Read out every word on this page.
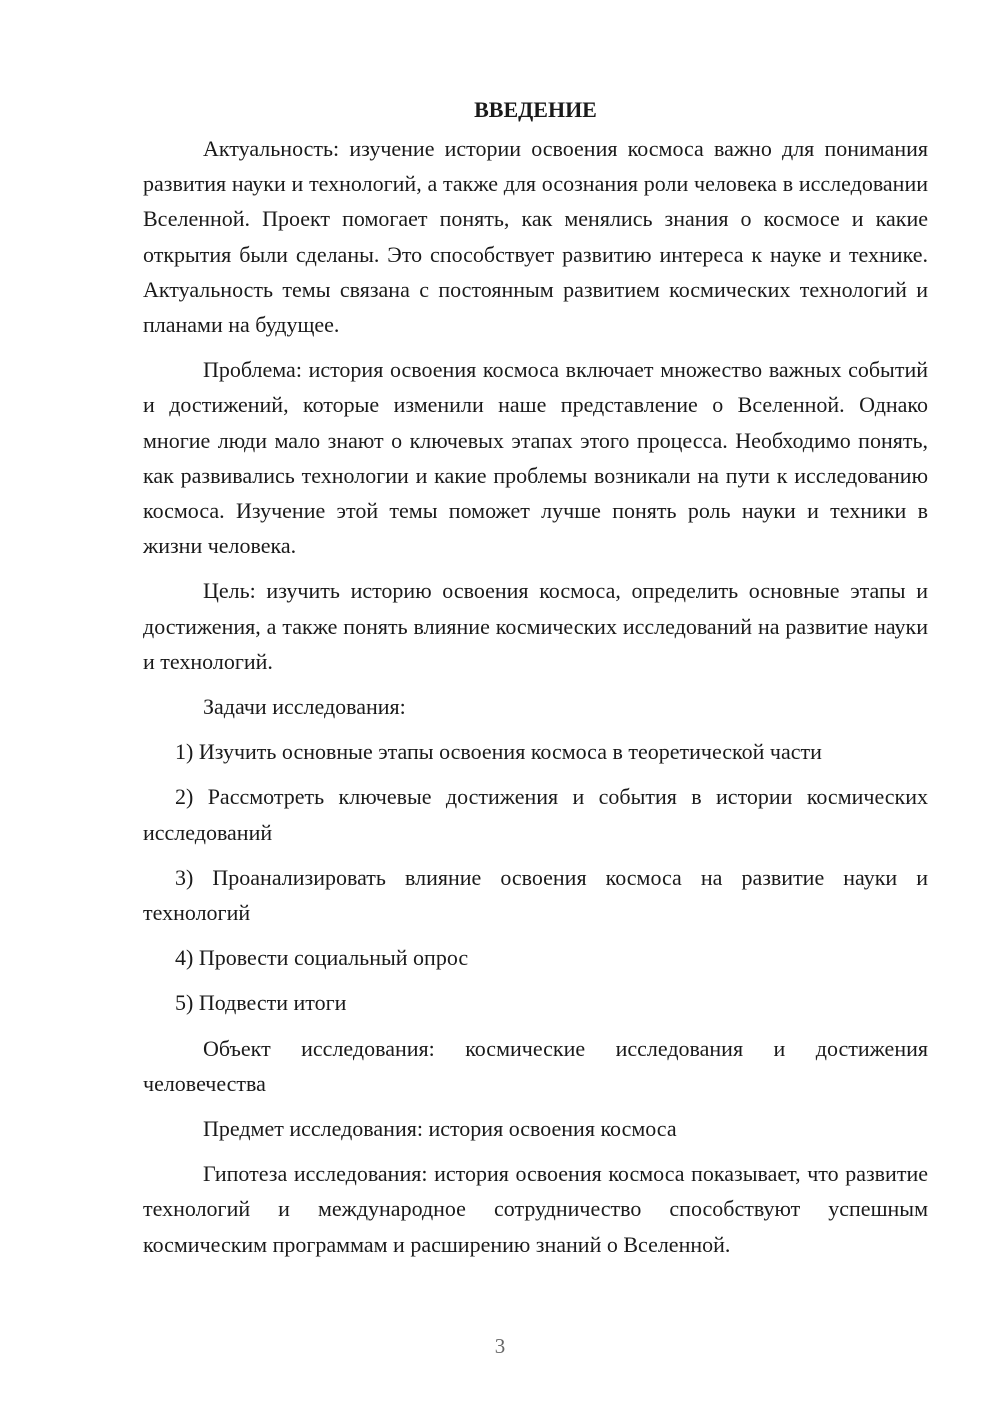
ВВЕДЕНИЕ

Актуальность: изучение истории освоения космоса важно для понимания развития науки и технологий, а также для осознания роли человека в исследовании Вселенной. Проект помогает понять, как менялись знания о космосе и какие открытия были сделаны. Это способствует развитию интереса к науке и технике. Актуальность темы связана с постоянным развитием космических технологий и планами на будущее.

Проблема: история освоения космоса включает множество важных событий и достижений, которые изменили наше представление о Вселенной. Однако многие люди мало знают о ключевых этапах этого процесса. Необходимо понять, как развивались технологии и какие проблемы возникали на пути к исследованию космоса. Изучение этой темы поможет лучше понять роль науки и техники в жизни человека.

Цель: изучить историю освоения космоса, определить основные этапы и достижения, а также понять влияние космических исследований на развитие науки и технологий.

Задачи исследования:

1) Изучить основные этапы освоения космоса в теоретической части

2) Рассмотреть ключевые достижения и события в истории космических исследований

3) Проанализировать влияние освоения космоса на развитие науки и технологий

4) Провести социальный опрос

5) Подвести итоги

Объект исследования: космические исследования и достижения человечества

Предмет исследования: история освоения космоса

Гипотеза исследования: история освоения космоса показывает, что развитие технологий и международное сотрудничество способствуют успешным космическим программам и расширению знаний о Вселенной.

3
